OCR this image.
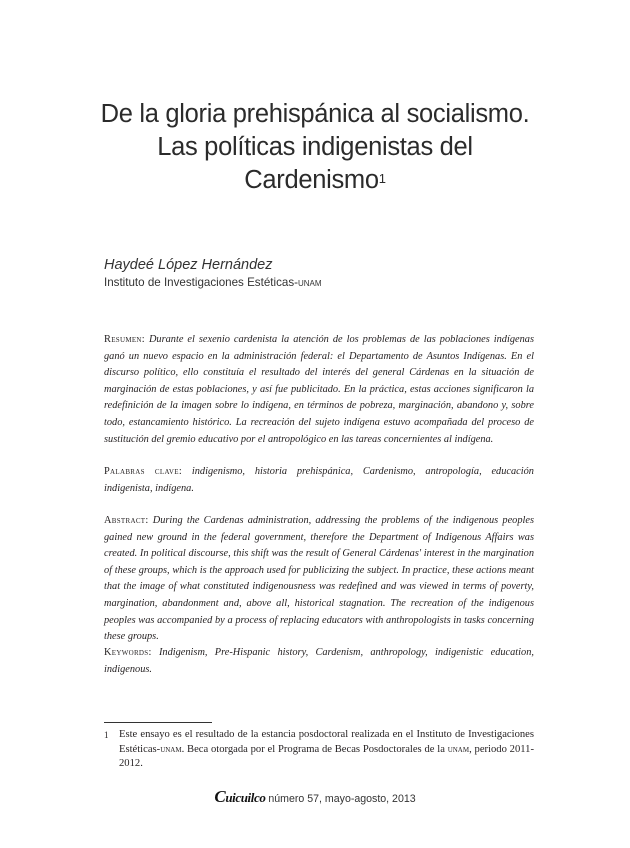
De la gloria prehispánica al socialismo.
Las políticas indigenistas del
Cardenismo$^1$
Haydeé López Hernández
Instituto de Investigaciones Estéticas-unam
Resumen: Durante el sexenio cardenista la atención de los problemas de las poblaciones indígenas ganó un nuevo espacio en la administración federal: el Departamento de Asuntos Indígenas. En el discurso político, ello constituía el resultado del interés del general Cárdenas en la situación de marginación de estas poblaciones, y así fue publicitado. En la práctica, estas acciones significaron la redefinición de la imagen sobre lo indígena, en términos de pobreza, marginación, abandono y, sobre todo, estancamiento histórico. La recreación del sujeto indígena estuvo acompañada del proceso de sustitución del gremio educativo por el antropológico en las tareas concernientes al indígena.
Palabras clave: indigenismo, historia prehispánica, Cardenismo, antropología, educación indigenista, indígena.
Abstract: During the Cardenas administration, addressing the problems of the indigenous peoples gained new ground in the federal government, therefore the Department of Indigenous Affairs was created. In political discourse, this shift was the result of General Cárdenas' interest in the margination of these groups, which is the approach used for publicizing the subject. In practice, these actions meant that the image of what constituted indigenousness was redefined and was viewed in terms of poverty, margination, abandonment and, above all, historical stagnation. The recreation of the indigenous peoples was accompanied by a process of replacing educators with anthropologists in tasks concerning these groups.
Keywords: Indigenism, Pre-Hispanic history, Cardenism, anthropology, indigenistic education, indigenous.
1 Este ensayo es el resultado de la estancia posdoctoral realizada en el Instituto de Investigaciones Estéticas-unam. Beca otorgada por el Programa de Becas Posdoctorales de la unam, periodo 2011-2012.
Cuicuilco número 57, mayo-agosto, 2013
